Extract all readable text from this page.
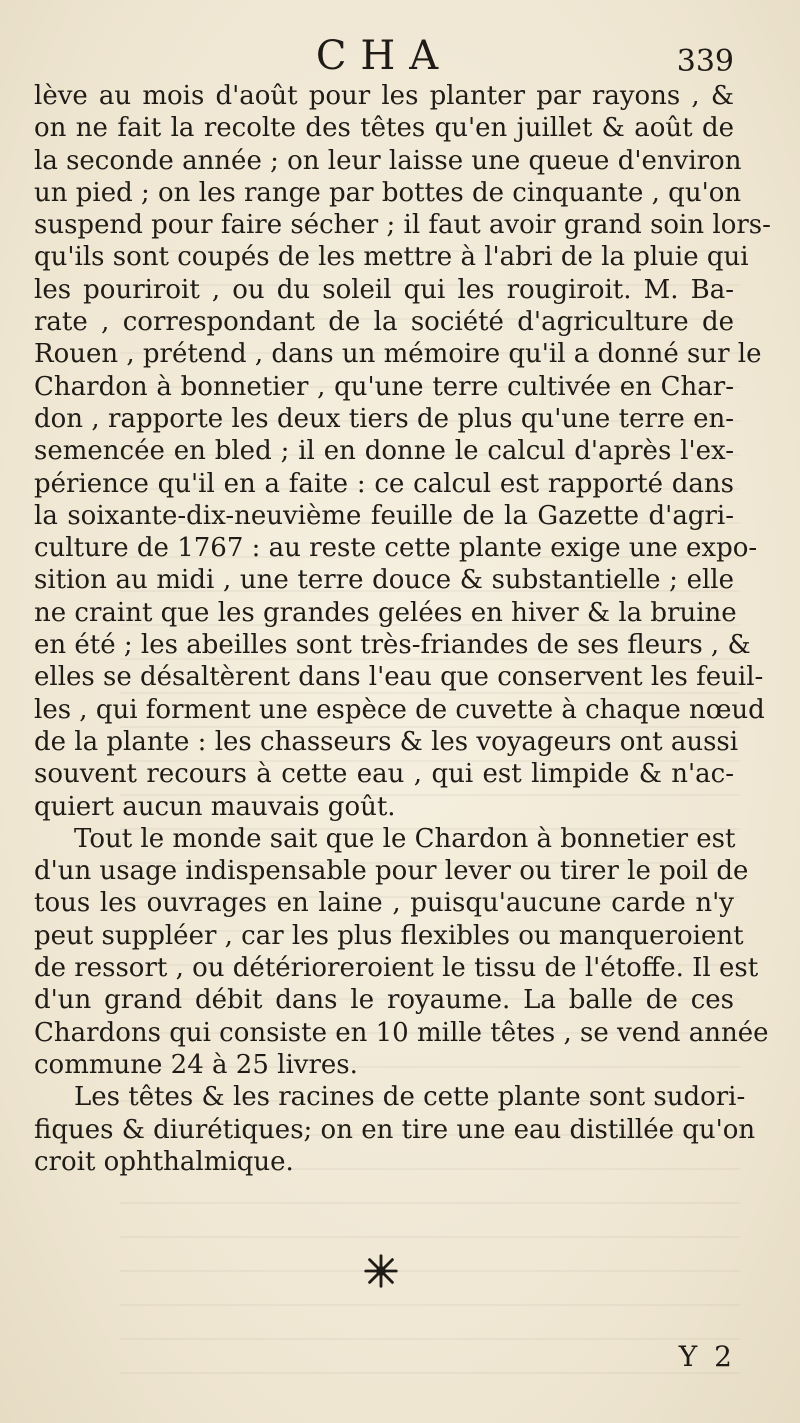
CHA	339
lève au mois d'août pour les planter par rayons , &
on ne fait la recolte des têtes qu'en juillet & août de
la seconde année ; on leur laisse une queue d'environ
un pied ; on les range par bottes de cinquante , qu'on
suspend pour faire sécher ; il faut avoir grand soin lors-
qu'ils sont coupés de les mettre à l'abri de la pluie qui
les pouriroit , ou du soleil qui les rougiroit. M. Ba-
rate , correspondant de la société d'agriculture de
Rouen , prétend , dans un mémoire qu'il a donné sur le
Chardon à bonnetier , qu'une terre cultivée en Char-
don , rapporte les deux tiers de plus qu'une terre en-
semencée en bled ; il en donne le calcul d'après l'ex-
périence qu'il en a faite : ce calcul est rapporté dans
la soixante-dix-neuvième feuille de la Gazette d'agri-
culture de 1767 : au reste cette plante exige une expo-
sition au midi , une terre douce & substantielle ; elle
ne craint que les grandes gelées en hiver & la bruine
en été ; les abeilles sont très-friandes de ses fleurs , &
elles se désaltèrent dans l'eau que conservent les feuil-
les , qui forment une espèce de cuvette à chaque nœud
de la plante : les chasseurs & les voyageurs ont aussi
souvent recours à cette eau , qui est limpide & n'ac-
quiert aucun mauvais goût.
Tout le monde sait que le Chardon à bonnetier est
d'un usage indispensable pour lever ou tirer le poil de
tous les ouvrages en laine , puisqu'aucune carde n'y
peut suppléer , car les plus flexibles ou manqueroient
de ressort , ou détérioreroient le tissu de l'étoffe. Il est
d'un grand débit dans le royaume. La balle de ces
Chardons qui consiste en 10 mille têtes , se vend année
commune 24 à 25 livres.
Les têtes & les racines de cette plante sont sudori-
fiques & diurétiques; on en tire une eau distillée qu'on
croit ophthalmique.
Y 2
